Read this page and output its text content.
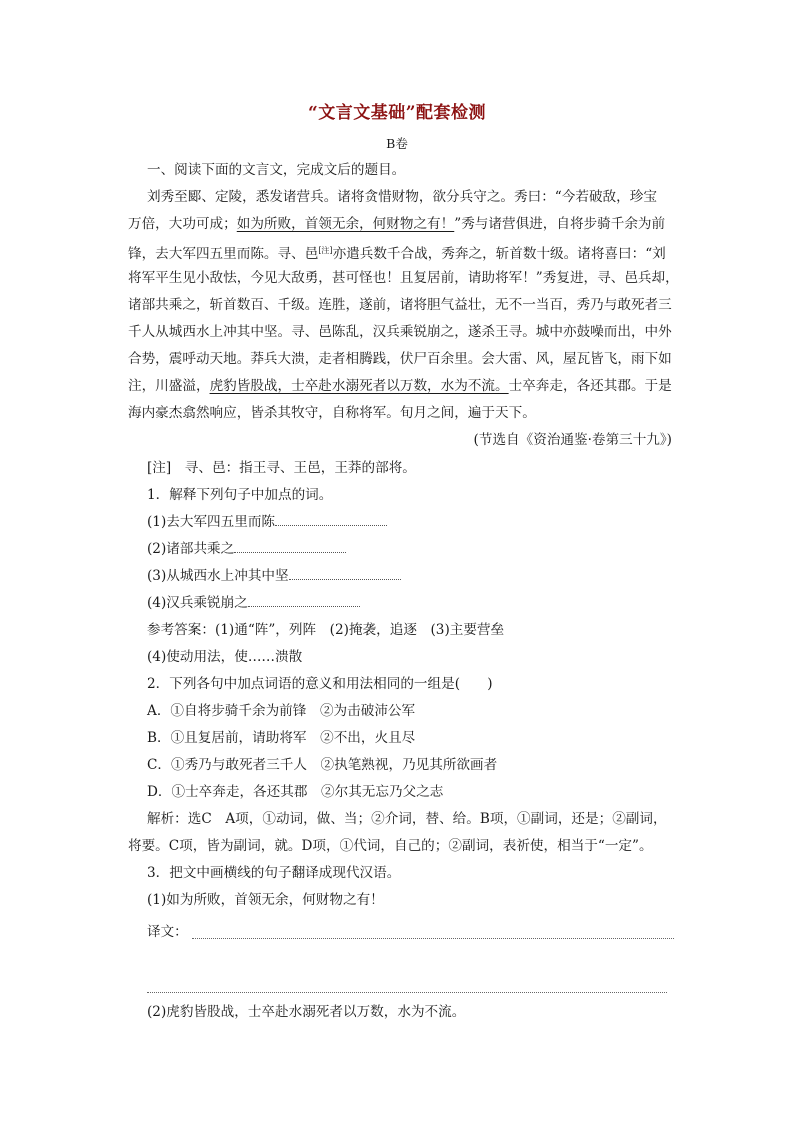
“文言文基础”配套检测
B卷
一、阅读下面的文言文，完成文后的题目。
刘秀至郾、定陵，悉发诸营兵。诸将贪惜财物，欲分兵守之。秀曰：“今若破敌，珍宝
万倍，大功可成；如为所败，首领无余，何财物之有！”秀与诸营俱进，自将步骑千余为前
锋，去大军四五里而陈。寻、邑[注]亦遣兵数千合战，秀奔之，斩首数十级。诸将喜曰：“刘
将军平生见小敌怯，今见大敌勇，甚可怪也！且复居前，请助将军！”秀复进，寻、邑兵却，
诸部共乘之，斩首数百、千级。连胜，遂前，诸将胆气益壮，无不一当百，秀乃与敢死者三
千人从城西水上冲其中坚。寻、邑陈乱，汉兵乘锐崩之，遂杀王寻。城中亦鼓噪而出，中外
合势，震呼动天地。莽兵大溃，走者相腾践，伏尸百余里。会大雷、风，屋瓦皆飞，雨下如
注，川盛溢，虎豹皆股战，士卒赴水溺死者以万数，水为不流。士卒奔走，各还其郡。于是
海内豪杰翕然响应，皆杀其牧守，自称将军。旬月之间，遍于天下。
(节选自《资治通鉴·卷第三十九》)
[注]　寻、邑：指王寻、王邑，王莽的部将。
1．解释下列句子中加点的词。
(1)去大军四五里而陈
(2)诸部共乘之
(3)从城西水上冲其中坚
(4)汉兵乘锐崩之
参考答案：(1)通“阵”，列阵　(2)掩袭，追逐　(3)主要营垒
(4)使动用法，使……溃散
2．下列各句中加点词语的意义和用法相同的一组是(　　)
A．①自将步骑千余为前锋　②为击破沛公军
B．①且复居前，请助将军　②不出，火且尽
C．①秀乃与敢死者三千人　②执笔熟视，乃见其所欲画者
D．①士卒奔走，各还其郡　②尔其无忘乃父之志
解析：选C　A项，①动词，做、当；②介词，替、给。B项，①副词，还是；②副词，
将要。C项，皆为副词，就。D项，①代词，自己的；②副词，表祈使，相当于“一定”。
3．把文中画横线的句子翻译成现代汉语。
(1)如为所败，首领无余，何财物之有！
译文：
(2)虎豹皆股战，士卒赴水溺死者以万数，水为不流。
